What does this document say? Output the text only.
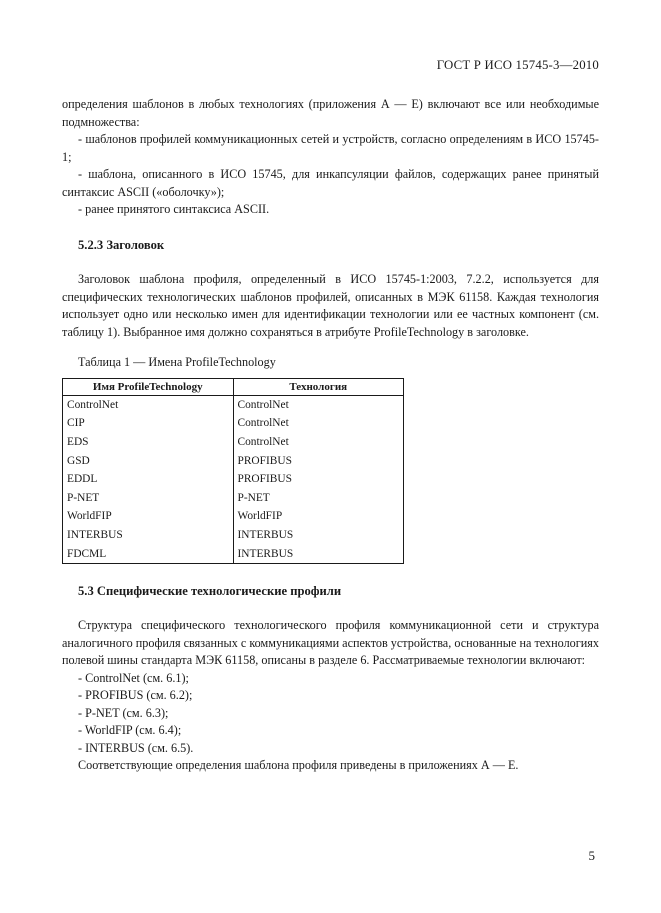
ГОСТ Р ИСО 15745-3—2010

определения шаблонов в любых технологиях (приложения А — Е) включают все или необходимые подмножества:

- шаблонов профилей коммуникационных сетей и устройств, согласно определениям в ИСО 15745-1;

- шаблона, описанного в ИСО 15745, для инкапсуляции файлов, содержащих ранее принятый синтаксис ASCII («оболочку»);

- ранее принятого синтаксиса ASCII.

5.2.3 Заголовок

Заголовок шаблона профиля, определенный в ИСО 15745-1:2003, 7.2.2, используется для специфических технологических шаблонов профилей, описанных в МЭК 61158. Каждая технология использует одно или несколько имен для идентификации технологии или ее частных компонент (см. таблицу 1). Выбранное имя должно сохраняться в атрибуте ProfileTechnology в заголовке.

Таблица 1 — Имена ProfileTechnology

Имя ProfileTechnology	Технология
ControlNet	ControlNet
CIP	ControlNet
EDS	ControlNet
GSD	PROFIBUS
EDDL	PROFIBUS
P-NET	P-NET
WorldFIP	WorldFIP
INTERBUS	INTERBUS
FDCML	INTERBUS

5.3 Специфические технологические профили

Структура специфического технологического профиля коммуникационной сети и структура аналогичного профиля связанных с коммуникациями аспектов устройства, основанные на технологиях полевой шины стандарта МЭК 61158, описаны в разделе 6. Рассматриваемые технологии включают:

- ControlNet (см. 6.1);

- PROFIBUS (см. 6.2);

- P-NET (см. 6.3);

- WorldFIP (см. 6.4);

- INTERBUS (см. 6.5).

Соответствующие определения шаблона профиля приведены в приложениях А — Е.

5
